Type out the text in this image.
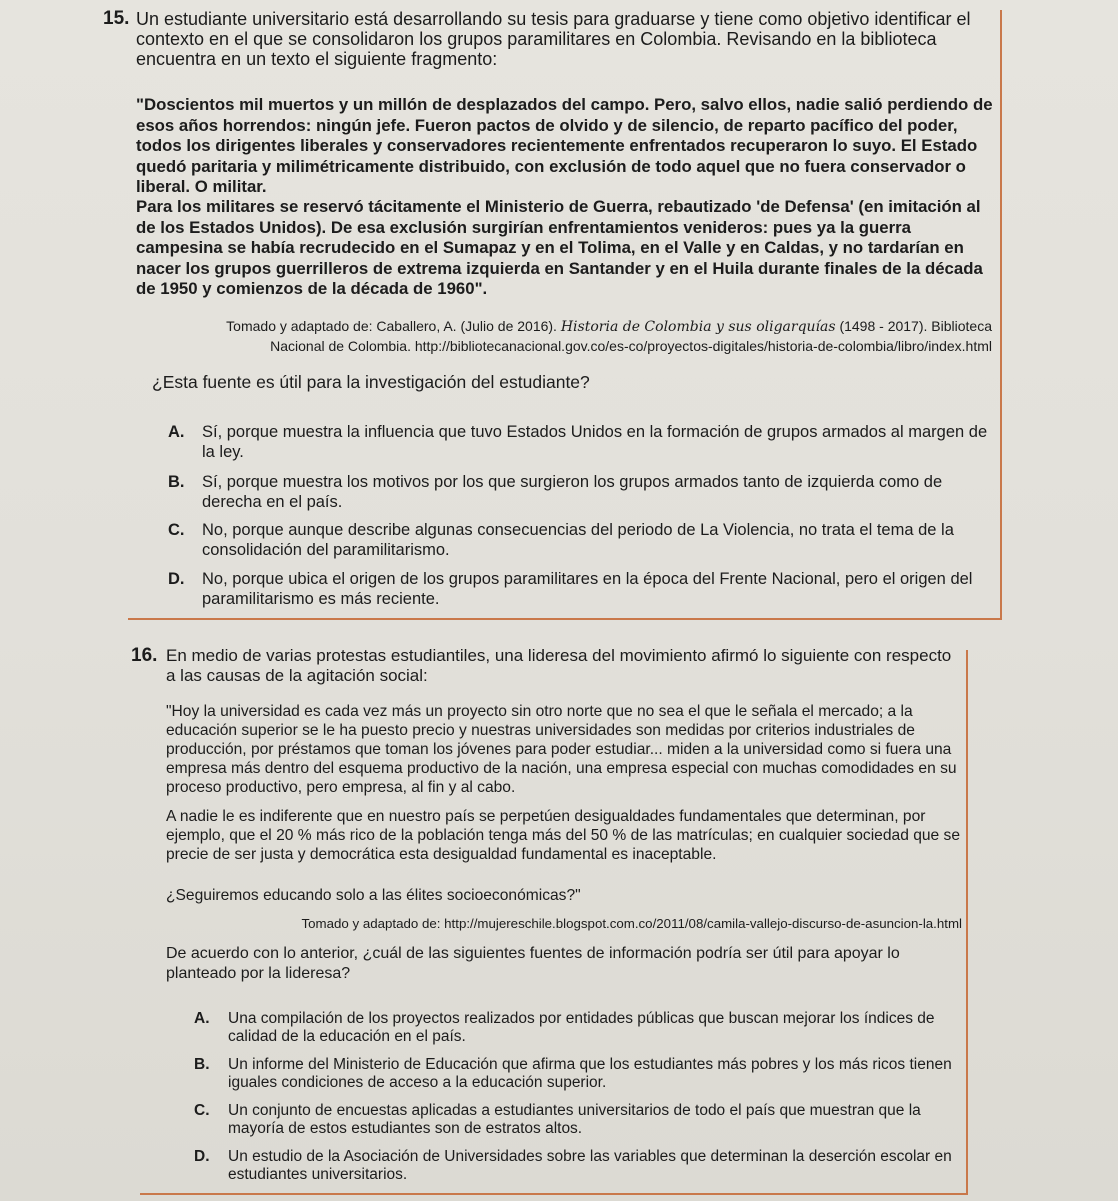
15. Un estudiante universitario está desarrollando su tesis para graduarse y tiene como objetivo identificar el contexto en el que se consolidaron los grupos paramilitares en Colombia. Revisando en la biblioteca encuentra en un texto el siguiente fragmento:
"Doscientos mil muertos y un millón de desplazados del campo. Pero, salvo ellos, nadie salió perdiendo de esos años horrendos: ningún jefe. Fueron pactos de olvido y de silencio, de reparto pacífico del poder, todos los dirigentes liberales y conservadores recientemente enfrentados recuperaron lo suyo. El Estado quedó paritaria y milimétricamente distribuido, con exclusión de todo aquel que no fuera conservador o liberal. O militar.
Para los militares se reservó tácitamente el Ministerio de Guerra, rebautizado 'de Defensa' (en imitación al de los Estados Unidos). De esa exclusión surgirían enfrentamientos venideros: pues ya la guerra campesina se había recrudecido en el Sumapaz y en el Tolima, en el Valle y en Caldas, y no tardarían en nacer los grupos guerrilleros de extrema izquierda en Santander y en el Huila durante finales de la década de 1950 y comienzos de la década de 1960".
Tomado y adaptado de: Caballero, A. (Julio de 2016). Historia de Colombia y sus oligarquías (1498 - 2017). Biblioteca Nacional de Colombia. http://bibliotecanacional.gov.co/es-co/proyectos-digitales/historia-de-colombia/libro/index.html
¿Esta fuente es útil para la investigación del estudiante?
A. Sí, porque muestra la influencia que tuvo Estados Unidos en la formación de grupos armados al margen de la ley.
B. Sí, porque muestra los motivos por los que surgieron los grupos armados tanto de izquierda como de derecha en el país.
C. No, porque aunque describe algunas consecuencias del periodo de La Violencia, no trata el tema de la consolidación del paramilitarismo.
D. No, porque ubica el origen de los grupos paramilitares en la época del Frente Nacional, pero el origen del paramilitarismo es más reciente.
16. En medio de varias protestas estudiantiles, una lideresa del movimiento afirmó lo siguiente con respecto a las causas de la agitación social:
"Hoy la universidad es cada vez más un proyecto sin otro norte que no sea el que le señala el mercado; a la educación superior se le ha puesto precio y nuestras universidades son medidas por criterios industriales de producción, por préstamos que toman los jóvenes para poder estudiar... miden a la universidad como si fuera una empresa más dentro del esquema productivo de la nación, una empresa especial con muchas comodidades en su proceso productivo, pero empresa, al fin y al cabo.
A nadie le es indiferente que en nuestro país se perpetúen desigualdades fundamentales que determinan, por ejemplo, que el 20 % más rico de la población tenga más del 50 % de las matrículas; en cualquier sociedad que se precie de ser justa y democrática esta desigualdad fundamental es inaceptable.
¿Seguiremos educando solo a las élites socioeconómicas?"
Tomado y adaptado de: http://mujereschile.blogspot.com.co/2011/08/camila-vallejo-discurso-de-asuncion-la.html
De acuerdo con lo anterior, ¿cuál de las siguientes fuentes de información podría ser útil para apoyar lo planteado por la lideresa?
A. Una compilación de los proyectos realizados por entidades públicas que buscan mejorar los índices de calidad de la educación en el país.
B. Un informe del Ministerio de Educación que afirma que los estudiantes más pobres y los más ricos tienen iguales condiciones de acceso a la educación superior.
C. Un conjunto de encuestas aplicadas a estudiantes universitarios de todo el país que muestran que la mayoría de estos estudiantes son de estratos altos.
D. Un estudio de la Asociación de Universidades sobre las variables que determinan la deserción escolar en estudiantes universitarios.
